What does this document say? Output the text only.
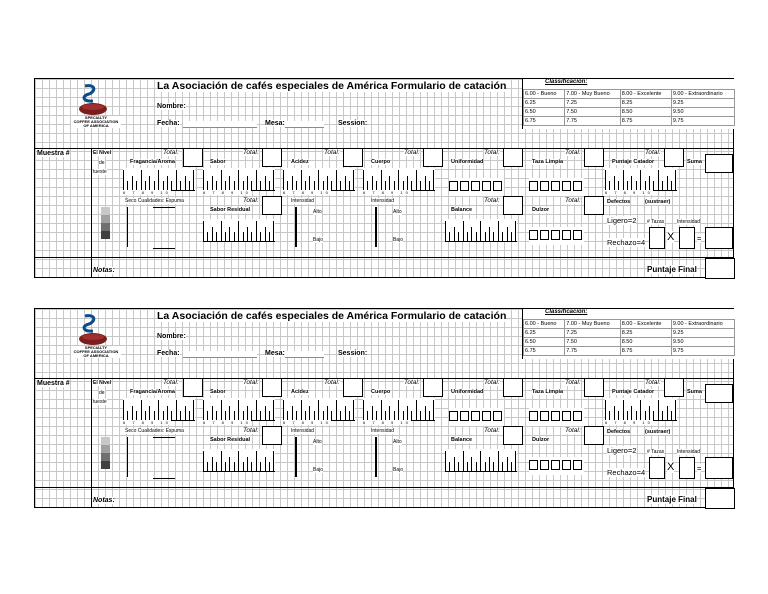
SPECIALTY
COFFEE ASSOCIATION
OF AMERICA
La Asociación de cafés especiales de América Formulario de catación
Nombre:
Fecha: ___________________ Mesa: __________ Session:
Classificación:
6.00 - Bueno	7.00 - Muy Bueno	8.00 - Excelente	9.00 - Extraordinario
6.25	7.25	8.25	9.25
6.50	7.50	8.50	9.50
6.75	7.75	8.75	9.75
Muestra #	El Nivel
de
tueste
Fragancia/Aroma
Total:
Sabor
Total:
Acidez
Total:
Cuerpo
Total:
Uniformidad
Total:
Taza Limpia
Total:
Puntaje Catador
Total:
Suma
6 7 8 9 10	6 7 8 9 10	6 7 8 9 10	6 7 8 9 10	6 7 8 9 10
Seco Cualidades: Espuma
Sabor Residual
Total:	Intensidad
Alto
Bajo
Intensidad
Alto
Bajo
Balance
Total:
Dulzor
Total:	Defectos	(sustraer)
Ligero=2
Rechazo=4
# Tazas	Intensidad
X	=
Notas:	Puntaje Final
SPECIALTY
COFFEE ASSOCIATION
OF AMERICA
La Asociación de cafés especiales de América Formulario de catación
Nombre:
Fecha: ___________________ Mesa: __________ Session:
Classificación:
6.00 - Bueno	7.00 - Muy Bueno	8.00 - Excelente	9.00 - Extraordinario
6.25	7.25	8.25	9.25
6.50	7.50	8.50	9.50
6.75	7.75	8.75	9.75
Muestra #	El Nivel
de
tueste
Fragancia/Aroma
Total:
Sabor
Total:
Acidez
Total:
Cuerpo
Total:
Uniformidad
Total:
Taza Limpia
Total:
Puntaje Catador
Total:
Suma
6 7 8 9 10	6 7 8 9 10	6 7 8 9 10	6 7 8 9 10	6 7 8 9 10
Seco Cualidades: Espuma
Sabor Residual
Total:	Intensidad
Alto
Bajo
Intensidad
Alto
Bajo
Balance
Total:
Dulzor
Total:	Defectos	(sustraer)
Ligero=2
Rechazo=4
# Tazas	Intensidad
X	=
Notas:	Puntaje Final
